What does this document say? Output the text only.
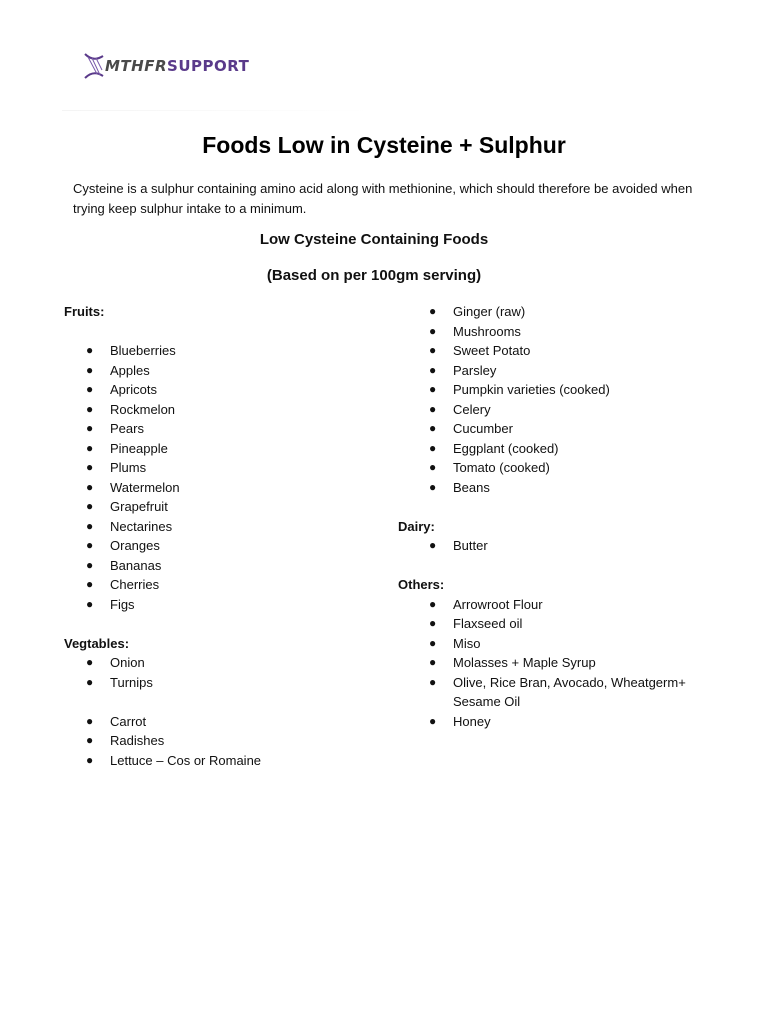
MTHFRSUPPORT
Foods Low in Cysteine + Sulphur
Cysteine is a sulphur containing amino acid along with methionine, which should therefore be avoided when trying keep sulphur intake to a minimum.
Low Cysteine Containing Foods
(Based on per 100gm serving)
Fruits:
● Blueberries
● Apples
● Apricots
● Rockmelon
● Pears
● Pineapple
● Plums
● Watermelon
● Grapefruit
● Nectarines
● Oranges
● Bananas
● Cherries
● Figs
Vegtables:
● Onion
● Turnips
● Carrot
● Radishes
● Lettuce – Cos or Romaine
● Ginger (raw)
● Mushrooms
● Sweet Potato
● Parsley
● Pumpkin varieties (cooked)
● Celery
● Cucumber
● Eggplant (cooked)
● Tomato (cooked)
● Beans
Dairy:
● Butter
Others:
● Arrowroot Flour
● Flaxseed oil
● Miso
● Molasses + Maple Syrup
● Olive, Rice Bran, Avocado, Wheatgerm+ Sesame Oil
● Honey
